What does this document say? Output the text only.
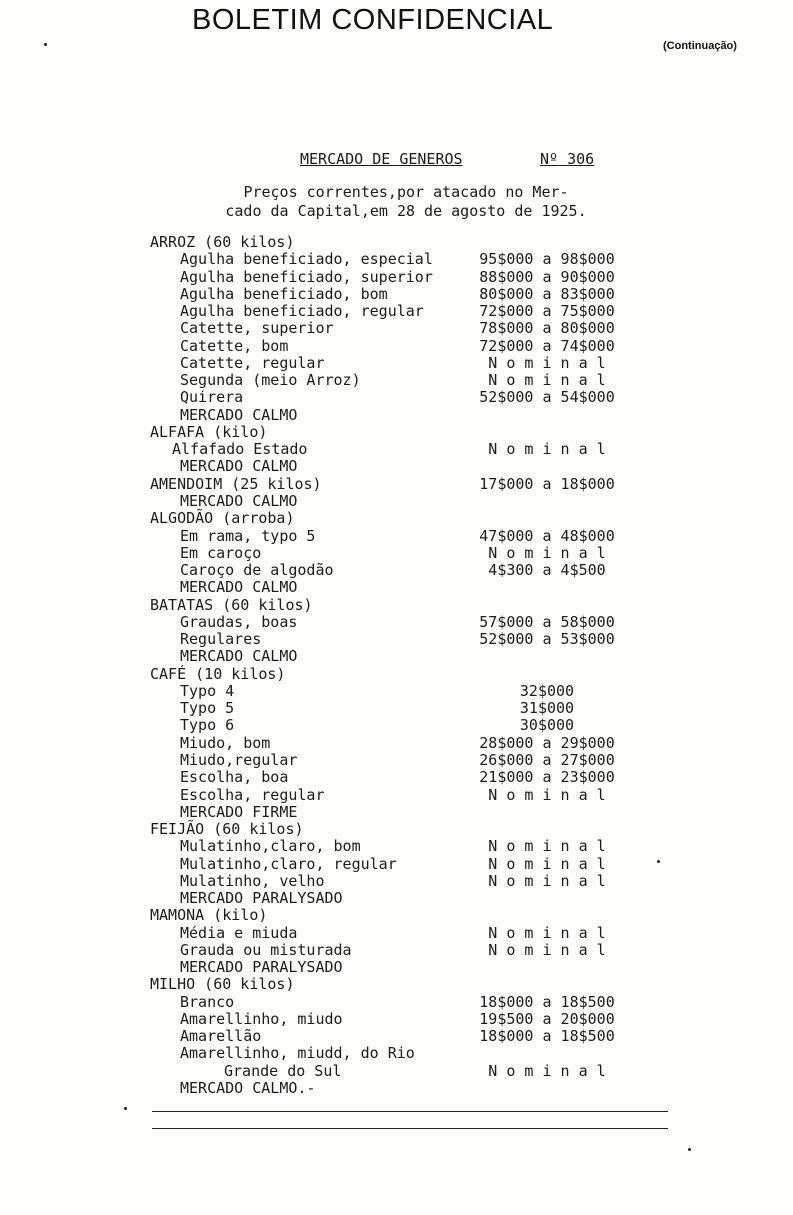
BOLETIM CONFIDENCIAL
(Continuação)
MERCADO DE GENEROS	Nº 306
Preços correntes,por atacado no Mer-
cado da Capital,em 28 de agosto de 1925.
ARROZ (60 kilos)
Agulha beneficiado, especial	95$000 a 98$000
Agulha beneficiado, superior	88$000 a 90$000
Agulha beneficiado, bom	80$000 a 83$000
Agulha beneficiado, regular	72$000 a 75$000
Catette, superior	78$000 a 80$000
Catette, bom	72$000 a 74$000
Catette, regular	N o m i n a l
Segunda (meio Arroz)	N o m i n a l
Quirera	52$000 a 54$000
MERCADO CALMO
ALFAFA (kilo)
Alfafado Estado	N o m i n a l
MERCADO CALMO
AMENDOIM (25 kilos)	17$000 a 18$000
MERCADO CALMO
ALGODÃO (arroba)
Em rama, typo 5	47$000 a 48$000
Em caroço	N o m i n a l
Caroço de algodão	4$300 a 4$500
MERCADO CALMO
BATATAS (60 kilos)
Graudas, boas	57$000 a 58$000
Regulares	52$000 a 53$000
MERCADO CALMO
CAFÉ (10 kilos)
Typo 4	32$000
Typo 5	31$000
Typo 6	30$000
Miudo, bom	28$000 a 29$000
Miudo,regular	26$000 a 27$000
Escolha, boa	21$000 a 23$000
Escolha, regular	N o m i n a l
MERCADO FIRME
FEIJÃO (60 kilos)
Mulatinho,claro, bom	N o m i n a l
Mulatinho,claro, regular	N o m i n a l
Mulatinho, velho	N o m i n a l
MERCADO PARALYSADO
MAMONA (kilo)
Média e miuda	N o m i n a l
Grauda ou misturada	N o m i n a l
MERCADO PARALYSADO
MILHO (60 kilos)
Branco	18$000 a 18$500
Amarellinho, miudo	19$500 a 20$000
Amarellão	18$000 a 18$500
Amarellinho, miudd, do Rio
Grande do Sul	N o m i n a l
MERCADO CALMO.-
